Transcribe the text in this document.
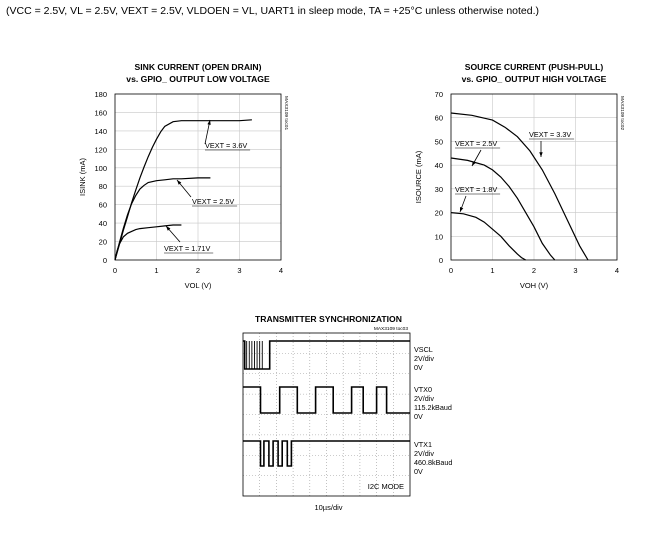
(VCC = 2.5V, VL = 2.5V, VEXT = 2.5V, VLDOEN = VL, UART1 in sleep mode, TA = +25°C unless otherwise noted.)
SINK CURRENT (OPEN DRAIN)
vs. GPIO_ OUTPUT LOW VOLTAGE
0	1	2	3	4
0
20
40
60
80
100
120
140
160
180
VOL (V)
ISINK (mA)
MAX3109 toc01
VEXT = 3.6V
VEXT = 2.5V
VEXT = 1.71V
SOURCE CURRENT (PUSH-PULL)
vs. GPIO_ OUTPUT HIGH VOLTAGE
0	1	2	3	4
0
10
20
30
40
50
60
70
VOH (V)
ISOURCE (mA)
MAX3109 toc02
VEXT = 3.3V
VEXT = 2.5V
VEXT = 1.8V
TRANSMITTER SYNCHRONIZATION
MAX3109 toc03
VSCL
2V/div
0V
VTX0
2V/div
115.2kBaud
0V
VTX1
2V/div
460.8kBaud
0V
I2C MODE
10µs/div
